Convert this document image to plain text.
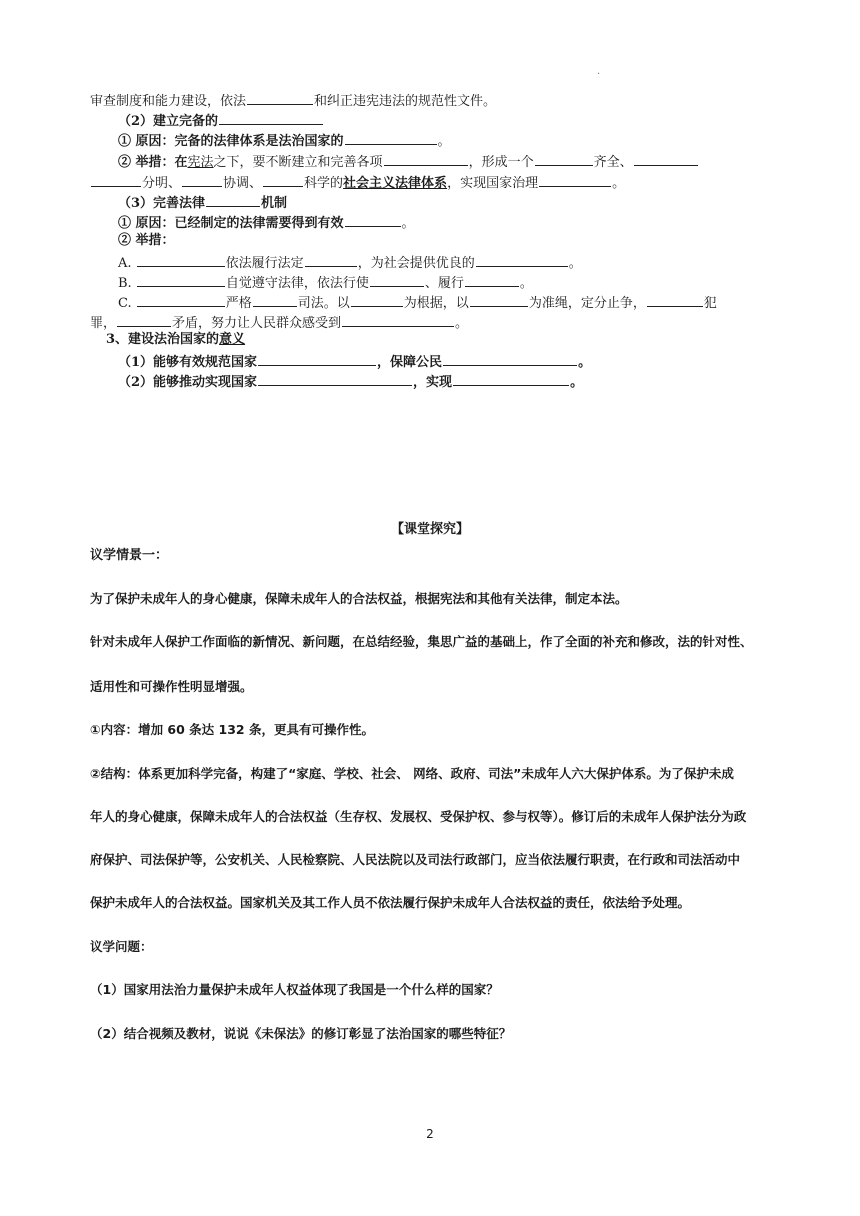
.
审查制度和能力建设，依法	和纠正违宪违法的规范性文件。
（2）建立完备的
① 原因：完备的法律体系是法治国家的	。
② 举措：在宪法之下，要不断建立和完善各项	，形成一个	齐全、
分明、	协调、	科学的社会主义法律体系，实现国家治理	。
（3）完善法律	机制
① 原因：已经制定的法律需要得到有效	。
② 举措：
A.	依法履行法定	，为社会提供优良的	。
B.	自觉遵守法律，依法行使	、履行	。
C.	严格	司法。以	为根据，以	为准绳，定分止争，	犯
罪，	矛盾，努力让人民群众感受到	。
3、建设法治国家的意义
（1）能够有效规范国家	，保障公民	。
（2）能够推动实现国家	，实现	。
【课堂探究】
议学情景一：
为了保护未成年人的身心健康，保障未成年人的合法权益，根据宪法和其他有关法律，制定本法。
针对未成年人保护工作面临的新情况、新问题，在总结经验，集思广益的基础上，作了全面的补充和修改，法的针对性、
适用性和可操作性明显增强。
①内容：增加 60 条达 132 条，更具有可操作性。
②结构：体系更加科学完备，构建了“家庭、学校、社会、 网络、政府、司法”未成年人六大保护体系。为了保护未成
年人的身心健康，保障未成年人的合法权益（生存权、发展权、受保护权、参与权等）。修订后的未成年人保护法分为政
府保护、司法保护等，公安机关、人民检察院、人民法院以及司法行政部门，应当依法履行职责，在行政和司法活动中
保护未成年人的合法权益。国家机关及其工作人员不依法履行保护未成年人合法权益的责任，依法给予处理。
议学问题：
（1）国家用法治力量保护未成年人权益体现了我国是一个什么样的国家？
（2）结合视频及教材，说说《未保法》的修订彰显了法治国家的哪些特征？
2
